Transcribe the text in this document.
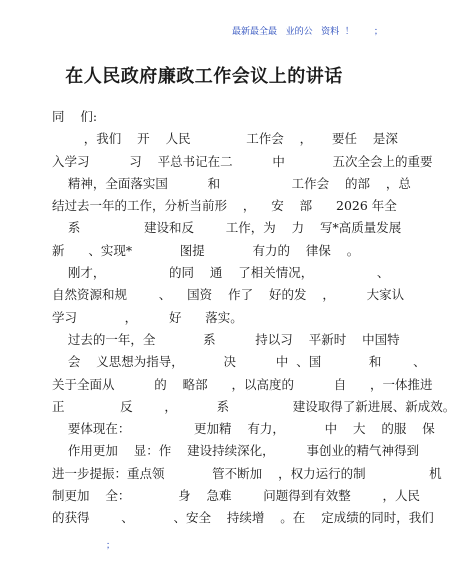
最新最全最   业的公   资料  ！       ；
在人民政府廉政工作会议上的讲话
同    们:
，我们    开    人民              工作会    ，     要任    是深
入学习          习    平总书记在二          中            五次全会上的重要
精神，全面落实国          和                  工作会    的部    ，总
结过去一年的工作，分析当前形    ，    安    部      2026 年全
系                建设和反        工作，为    力    写*高质量发展
新      、实现*            图提            有力的    律保    。
刚才，                的同    通    了相关情况，                、
自然资源和规        、    国资    作了    好的发    ，        大家认
学习            ，        好      落实。
过去的一年，全            系          持以习    平新时    中国特
会    义思想为指导，          决          中  、国            和        、
关于全面从          的    略部      ，以高度的          自      ，一体推进
正              反        ，          系                建设取得了新进展、新成效。
要体现在：                更加精    有力，          中    大    的服    保
作用更加    显：作    建设持续深化，        事创业的精气神得到
进一步提振：重点领            管不断加    ，权力运行的制                机
制更加    全：            身    急难        问题得到有效整        ，人民
的获得        、          、安全    持续增    。在    定成绩的同时，我们
；
